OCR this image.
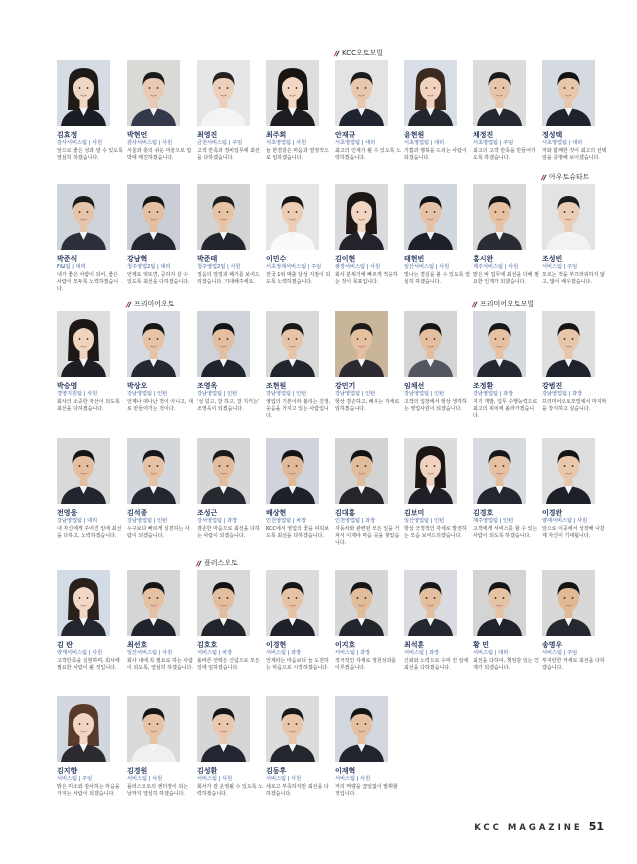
김효정
감사서비스팀 | 사원
앞으로 좋은 성과 낼 수 있도록 열심히 하겠습니다.
박현언
감사서비스팀 | 사원
서울과 충의 쉬운 미술으로 압박에 매진하겠습니다.
최영진
금천서비스팀 | 주임
고객 만족과 정비업무에 최선을 다하겠습니다.
최주희
서초영업팀 | 사원
늘 한결같은 마음과 열정적으로 임하겠습니다.
안재규
서초영업팀 | 대리
최고의 인재가 될 수 있도록 노력하겠습니다.
윤현원
서초영업팀 | 대리
기쁨과 행복을 드리는 사람이 되겠습니다.
채정진
서초영업팀 | 주임
최고의 고객 만족을 만들어가도록 하겠습니다.
정성택
서초영업팀 | 대리
저와 함께한 것이 최고의 선택임을 증명해 보이겠습니다.
박준식
F&I팀 | 대리
내가 좋은 사람이 되어, 좋은 사람이 모두록 노력하겠습니다.
강남혁
청주영업2팀 | 대리
언제요 멋또면, 공하지 살 수 있도록 최선을 다하겠습니다.
박준태
청주영업2팀 | 사원
정음의 열정과 패기를 보여드리겠습니다. 기대해주세요.
이민수
서초정재서비스팀 | 주임
전국 1위 매출 달성 지점이 되도록 노력하겠습니다.
김이현
광장서비스팀 | 사원
회사 분위기에 빠르게 적응하는 것이 목표입니다.
태현빈
일산서비스팀 | 사원
빛나는 결실을 볼 수 있도록 열심히 하겠습니다.
홍시완
제주서비스팀 | 사원
맡은 바 업무에 최선을 다해 필요한 인재가 되겠습니다.
조성빈
서비스팀 | 주임
모르는 것을 부끄러워하지 않고, 많이 배우겠습니다.
박승영
경영지원팀 | 사원
회사의 소중한 자산이 되도록 최선을 다하겠습니다.
박상오
강남영업팀 | 인턴
언제나 떠나난 것이 아니고, 새로 만들어가는 것이다.
조영욱
강남영업팀 | 인턴
'성 덜고, 잘 하고, 잘 지키는' 조영욱이 되겠습니다.
조현원
강남영업팀 | 인턴
영업의 기본이라 불리는 진정, 웃음을 가지고 있는 사람입니다.
강민기
강남영업팀 | 인턴
항상 겸손하고, 배우는 자세로 임하겠습니다.
임채선
강남영업팀 | 인턴
고객의 입장에서 항상 생각하는 영업사원이 되겠습니다.
조정환
강남영업팀 | 과장
지기 개발, 업무 수행능력으로 최고의 위치에 올라가겠습니다.
강범진
강남영업팀 | 과장
프리미어오토모빌에서 마지막을 장식하고 싶습니다.
전영웅
강남영업팀 | 대리
내 자신에게 주어진 일에 최선을 다하고, 노력하겠습니다.
김석종
강남영업팀 | 인턴
누구보다 빠르게 실천하는 사람이 되겠습니다.
조성근
강서영업팀 | 과장
겸손한 마음으로 최선을 다하는 사람이 되겠습니다.
배상현
인천영업팀 | 차장
KCC에서 영업의 꽃을 피워보도록 최선을 다하겠습니다.
김대홍
인천영업팀 | 과장
자동차와 관련된 모든 일을 거쳐서 이제야 마음 곳을 찾았습니다.
김보미
일산영업팀 | 인턴
항상 긍정적인 자세로 발전하는 모습 보여드리겠습니다.
김경호
제주영업팀 | 인턴
고객에게 서비스를 할 수 있는 사람이 되도록 하겠습니다.
이경완
양재서비스팀 | 사원
앞으로 이곳에서 성장해 나갈 제 자신이 기대됩니다.
김 란
양재서비스팀 | 사원
고객만족을 실현하며, 회사에 필요한 사람이 될 것입니다.
최선호
일산서비스팀 | 사원
회사 내에 꼭 필요로 하는 사람이 되도록, 열심히 하겠습니다.
김호호
서비스팀 | 차장
올바른 선택은 신념으로 모든 일에 임하겠습니다.
이경현
서비스팀 | 과장
언제라는 마음보다 늘 도전하는 마음으로 시작하겠습니다.
이지호
서비스팀 | 과장
적극적인 자세로 정원성과를 이루겠습니다.
최석훈
서비스팀 | 과장
신뢰와 노력으로 수익 진 일에 최선을 다하겠습니다.
황 민
서비스팀 | 대리
최선을 다하여, 책임감 있는 인재가 되겠습니다.
송명우
서비스팀 | 주임
부지런한 자세로 최선을 다하겠습니다.
김지향
서비스팀 | 주임
밝은 미소와 감사하는 마음을 가지는 사람이 되겠습니다.
김경원
서비스팀 | 사원
플러스오토의 센터장이 되는 날까지 열심히 하겠습니다.
김성환
서비스팀 | 사원
회사가 잘 운영될 수 있도록 노력하겠습니다.
김동후
서비스팀 | 사원
새로고 부족하지만 최선을 다하겠습니다.
이재혁
서비스팀 | 사원
저의 역량을 끊임없이 발휘할 것입니다.
KCC오토모빌
아우토슈타트
프리미어오토	프리미어오토모빌
플러스오토
KCC MAGAZINE 51
